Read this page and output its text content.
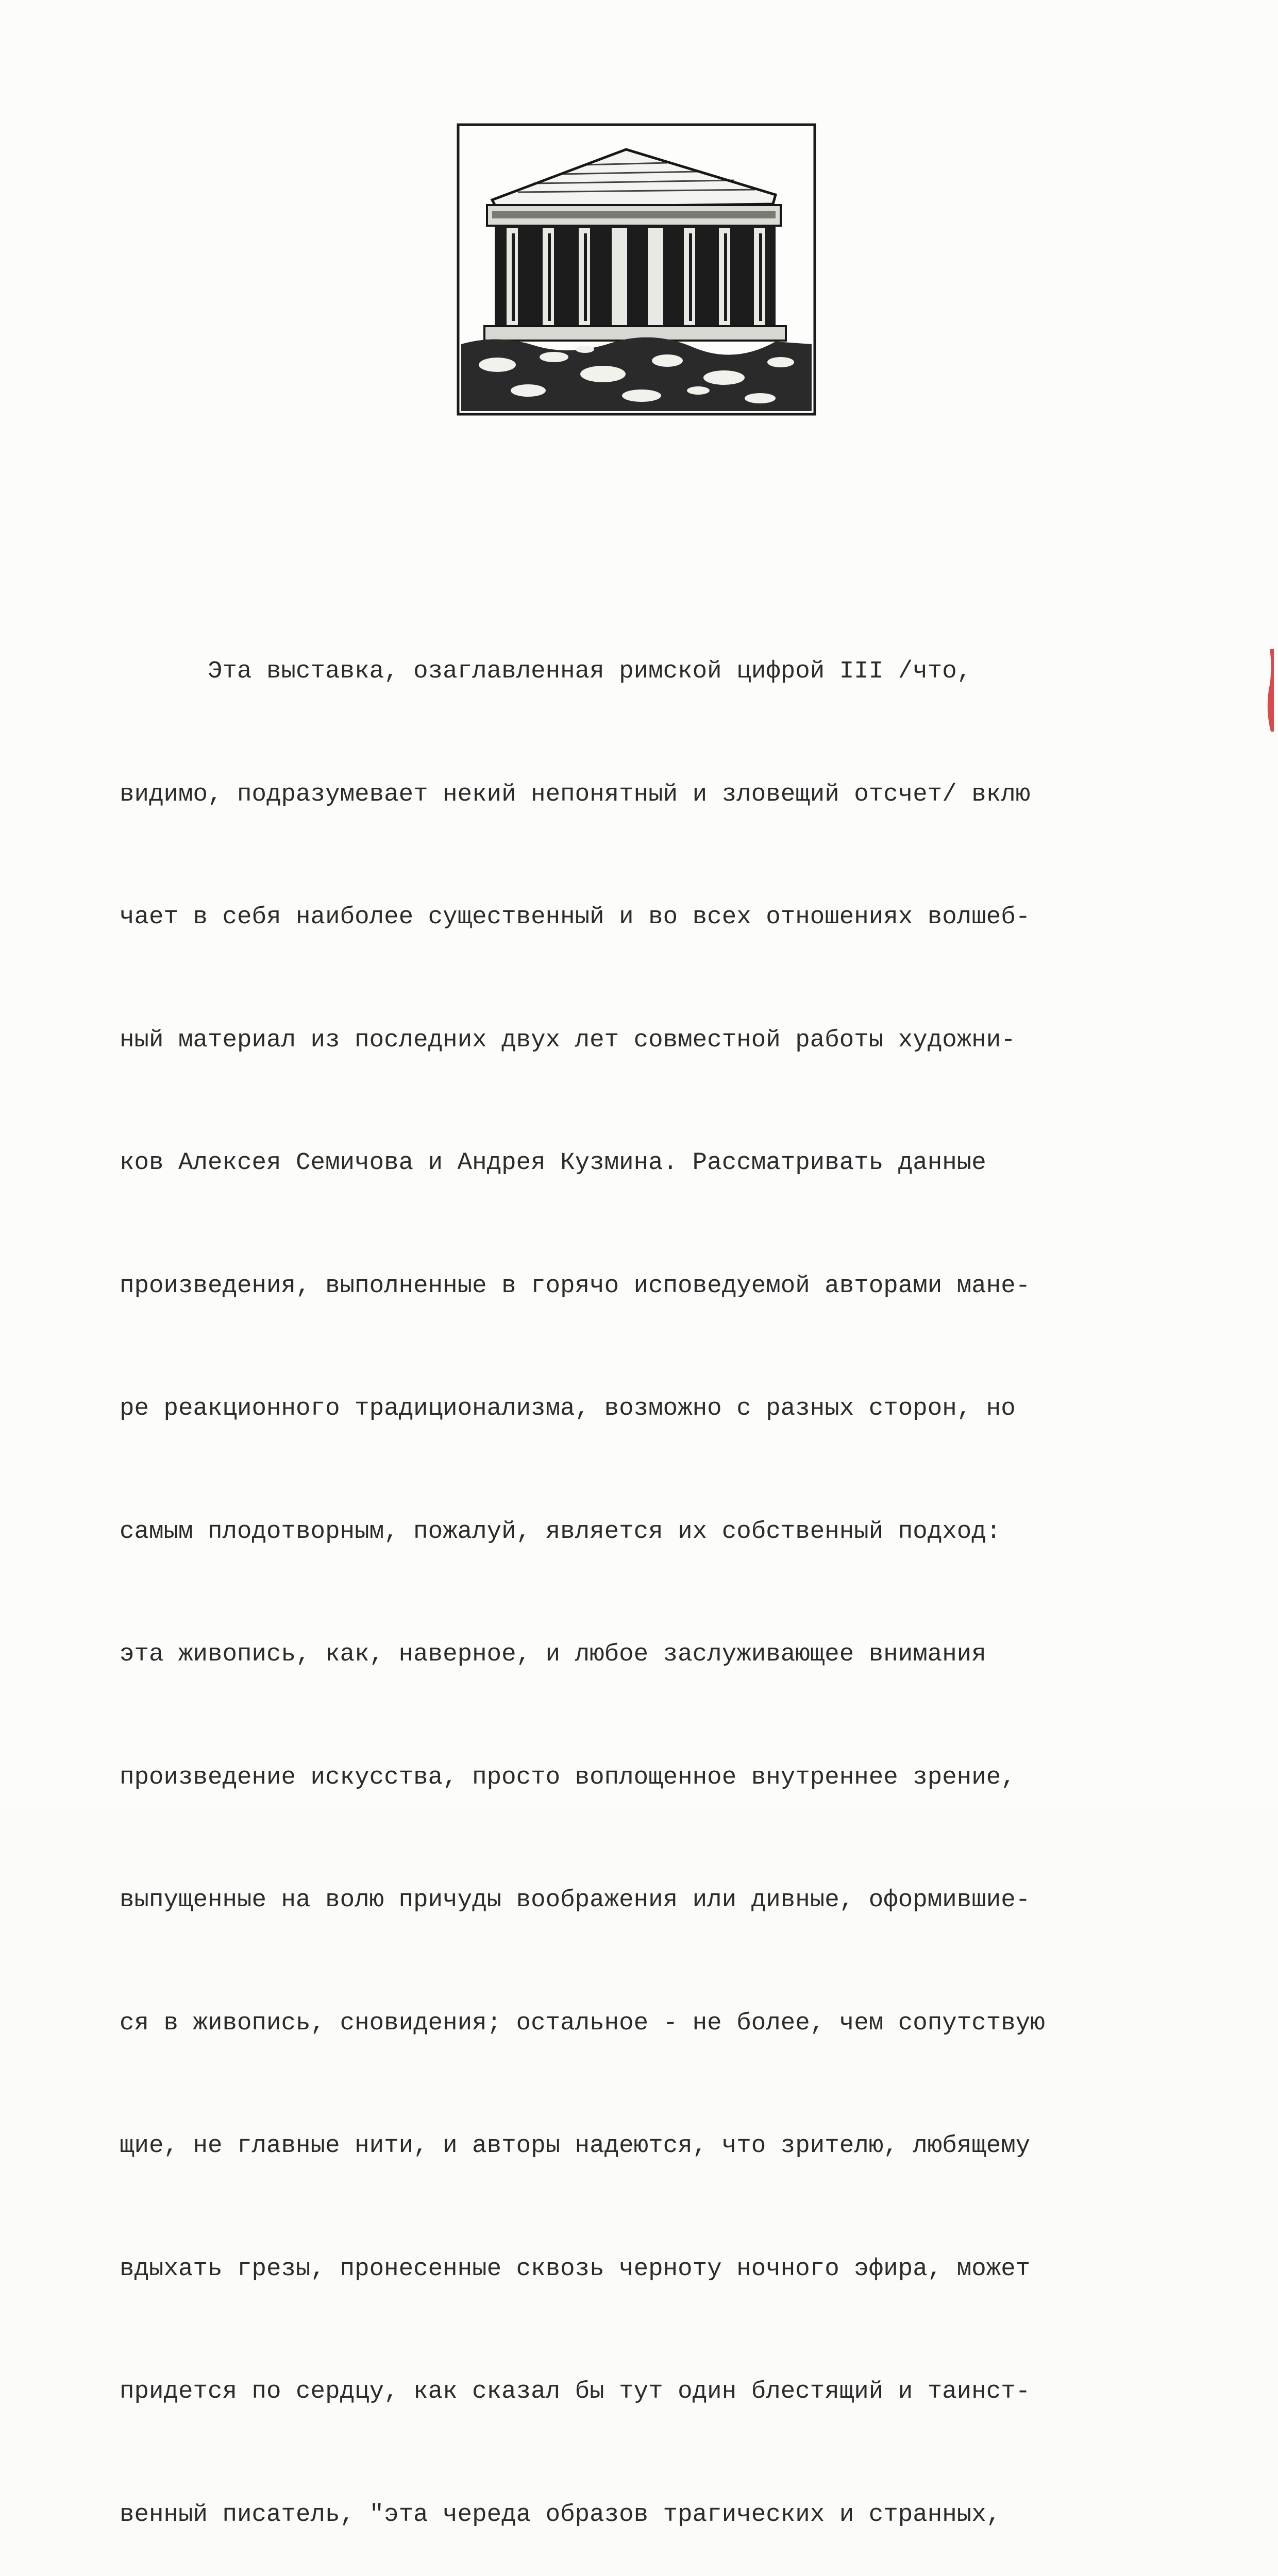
Эта выставка, озаглавленная римской цифрой III /что,

видимо, подразумевает некий непонятный и зловещий отсчет/ вклю

чает в себя наиболее существенный и во всех отношениях волшеб-

ный материал из последних двух лет совместной работы художни-

ков Алексея Семичова и Андрея Кузмина. Рассматривать данные

произведения, выполненные в горячо исповедуемой авторами мане-

ре реакционного традиционализма, возможно с разных сторон, но

самым плодотворным, пожалуй, является их собственный подход:

эта живопись, как, наверное, и любое заслуживающее внимания

произведение искусства, просто воплощенное внутреннее зрение,

выпущенные на волю причуды воображения или дивные, оформившие-

ся в живопись, сновидения; остальное - не более, чем сопутствую

щие, не главные нити, и авторы надеются, что зрителю, любящему

вдыхать грезы, пронесенные сквозь черноту ночного эфира, может

придется по сердцу, как сказал бы тут один блестящий и таинст-

венный писатель, "эта череда образов трагических и странных,
